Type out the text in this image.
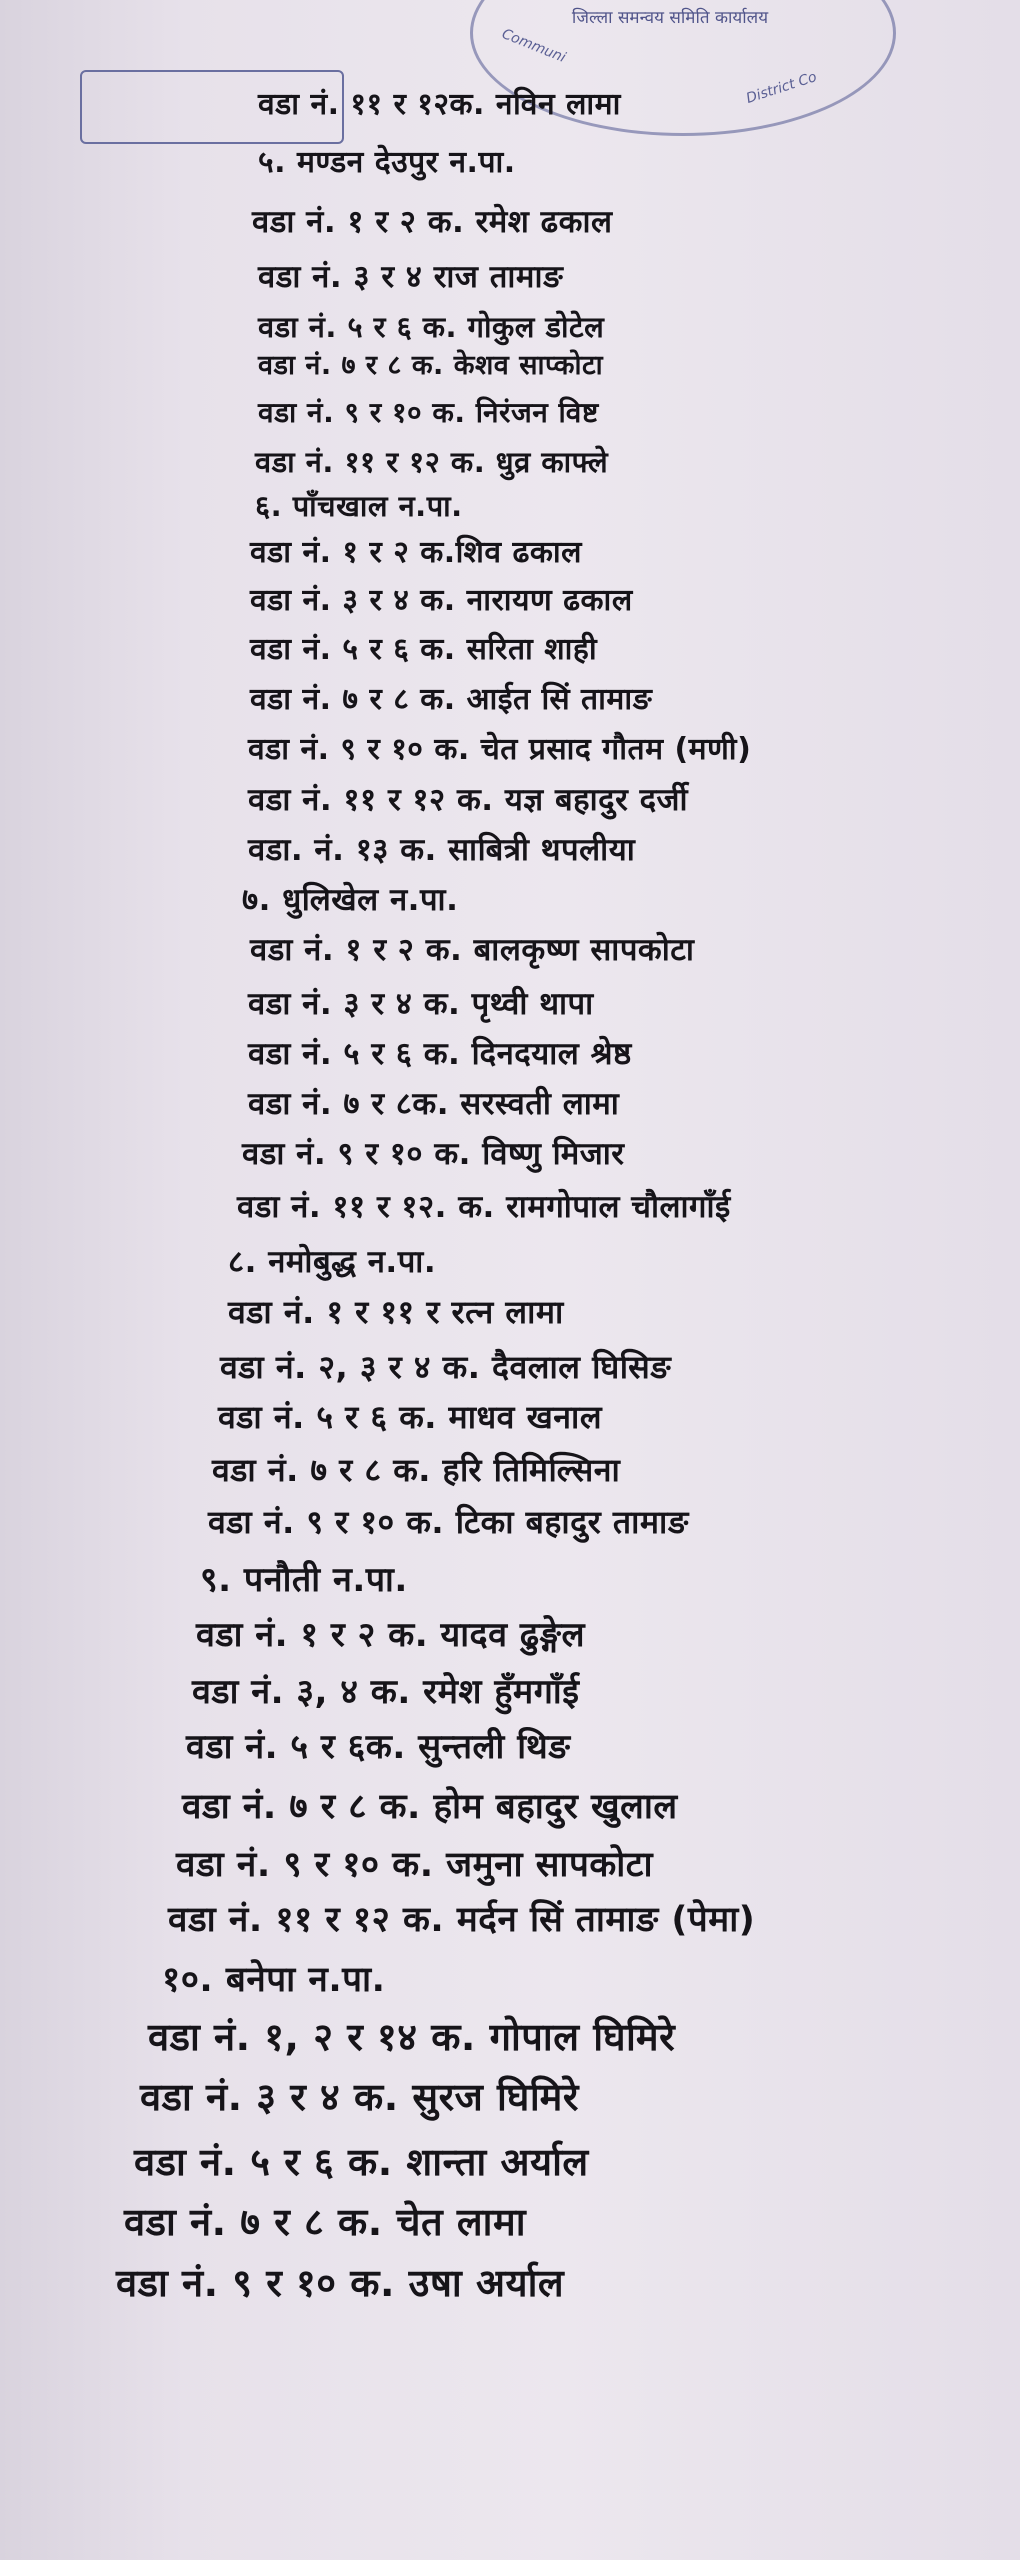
जिल्ला समन्वय समिति कार्यालय
Communi
District Co
वडा नं. ११ र १२क. नविन लामा
५. मण्डन देउपुर न.पा.
वडा नं. १ र २ क. रमेश ढकाल
वडा नं. ३ र ४ राज तामाङ
वडा नं. ५ र ६ क. गोकुल डोटेल
वडा नं. ७ र ८ क. केशव साप्कोटा
वडा नं. ९ र १० क. निरंजन विष्ट
वडा नं. ११ र १२ क. धुव्र काफ्ले
६. पाँचखाल न.पा.
वडा नं. १ र २ क.शिव ढकाल
वडा नं. ३ र ४ क. नारायण ढकाल
वडा नं. ५ र ६ क. सरिता शाही
वडा नं. ७ र ८ क. आईत सिं तामाङ
वडा नं. ९ र १० क. चेत प्रसाद गौतम (मणी)
वडा नं. ११ र १२ क. यज्ञ बहादुर दर्जी
वडा. नं. १३ क. साबित्री थपलीया
७. धुलिखेल न.पा.
वडा नं. १ र २ क. बालकृष्ण सापकोटा
वडा नं. ३ र ४ क. पृथ्वी थापा
वडा नं. ५ र ६ क. दिनदयाल श्रेष्ठ
वडा नं. ७ र ८क. सरस्वती लामा
वडा नं. ९ र १० क. विष्णु मिजार
वडा नं. ११ र १२. क. रामगोपाल चौलागाँई
८. नमोबुद्ध न.पा.
वडा नं. १ र ११ र रत्न लामा
वडा नं. २, ३ र ४ क. दैवलाल घिसिङ
वडा नं. ५ र ६ क. माधव खनाल
वडा नं. ७ र ८ क. हरि तिमिल्सिना
वडा नं. ९ र १० क. टिका बहादुर तामाङ
९. पनौती न.पा.
वडा नं. १ र २ क. यादव ढुङ्गेल
वडा नं. ३, ४ क. रमेश हुँमगाँई
वडा नं. ५ र ६क. सुन्तली थिङ
वडा नं. ७ र ८ क. होम बहादुर खुलाल
वडा नं. ९ र १० क. जमुना सापकोटा
वडा नं. ११ र १२ क. मर्दन सिं तामाङ (पेमा)
१०. बनेपा न.पा.
वडा नं. १, २ र १४ क. गोपाल घिमिरे
वडा नं. ३ र ४ क. सुरज घिमिरे
वडा नं. ५ र ६ क. शान्ता अर्याल
वडा नं. ७ र ८ क. चेत लामा
वडा नं. ९ र १० क. उषा अर्याल
